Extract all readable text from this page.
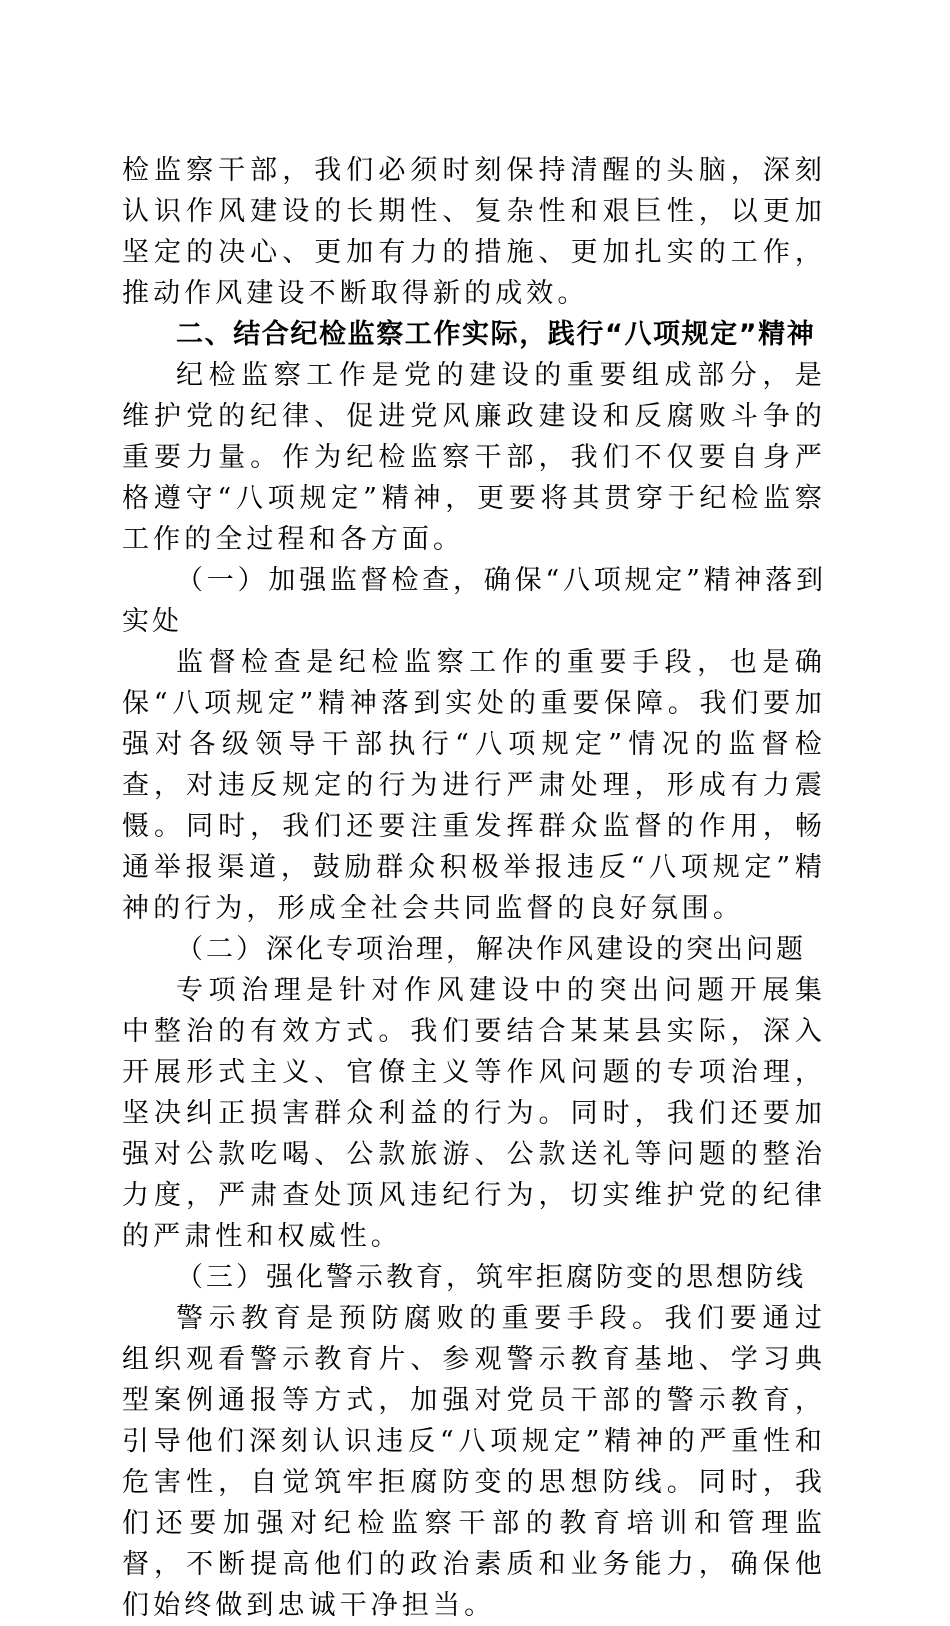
检监察干部，我们必须时刻保持清醒的头脑，深刻认识作风建设的长期性、复杂性和艰巨性，以更加坚定的决心、更加有力的措施、更加扎实的工作，推动作风建设不断取得新的成效。

二、结合纪检监察工作实际，践行“八项规定”精神

纪检监察工作是党的建设的重要组成部分，是维护党的纪律、促进党风廉政建设和反腐败斗争的重要力量。作为纪检监察干部，我们不仅要自身严格遵守“八项规定”精神，更要将其贯穿于纪检监察工作的全过程和各方面。

（一）加强监督检查，确保“八项规定”精神落到实处

监督检查是纪检监察工作的重要手段，也是确保“八项规定”精神落到实处的重要保障。我们要加强对各级领导干部执行“八项规定”情况的监督检查，对违反规定的行为进行严肃处理，形成有力震慑。同时，我们还要注重发挥群众监督的作用，畅通举报渠道，鼓励群众积极举报违反“八项规定”精神的行为，形成全社会共同监督的良好氛围。

（二）深化专项治理，解决作风建设的突出问题

专项治理是针对作风建设中的突出问题开展集中整治的有效方式。我们要结合某某县实际，深入开展形式主义、官僚主义等作风问题的专项治理，坚决纠正损害群众利益的行为。同时，我们还要加强对公款吃喝、公款旅游、公款送礼等问题的整治力度，严肃查处顶风违纪行为，切实维护党的纪律的严肃性和权威性。

（三）强化警示教育，筑牢拒腐防变的思想防线

警示教育是预防腐败的重要手段。我们要通过组织观看警示教育片、参观警示教育基地、学习典型案例通报等方式，加强对党员干部的警示教育，引导他们深刻认识违反“八项规定”精神的严重性和危害性，自觉筑牢拒腐防变的思想防线。同时，我们还要加强对纪检监察干部的教育培训和管理监督，不断提高他们的政治素质和业务能力，确保他们始终做到忠诚干净担当。
